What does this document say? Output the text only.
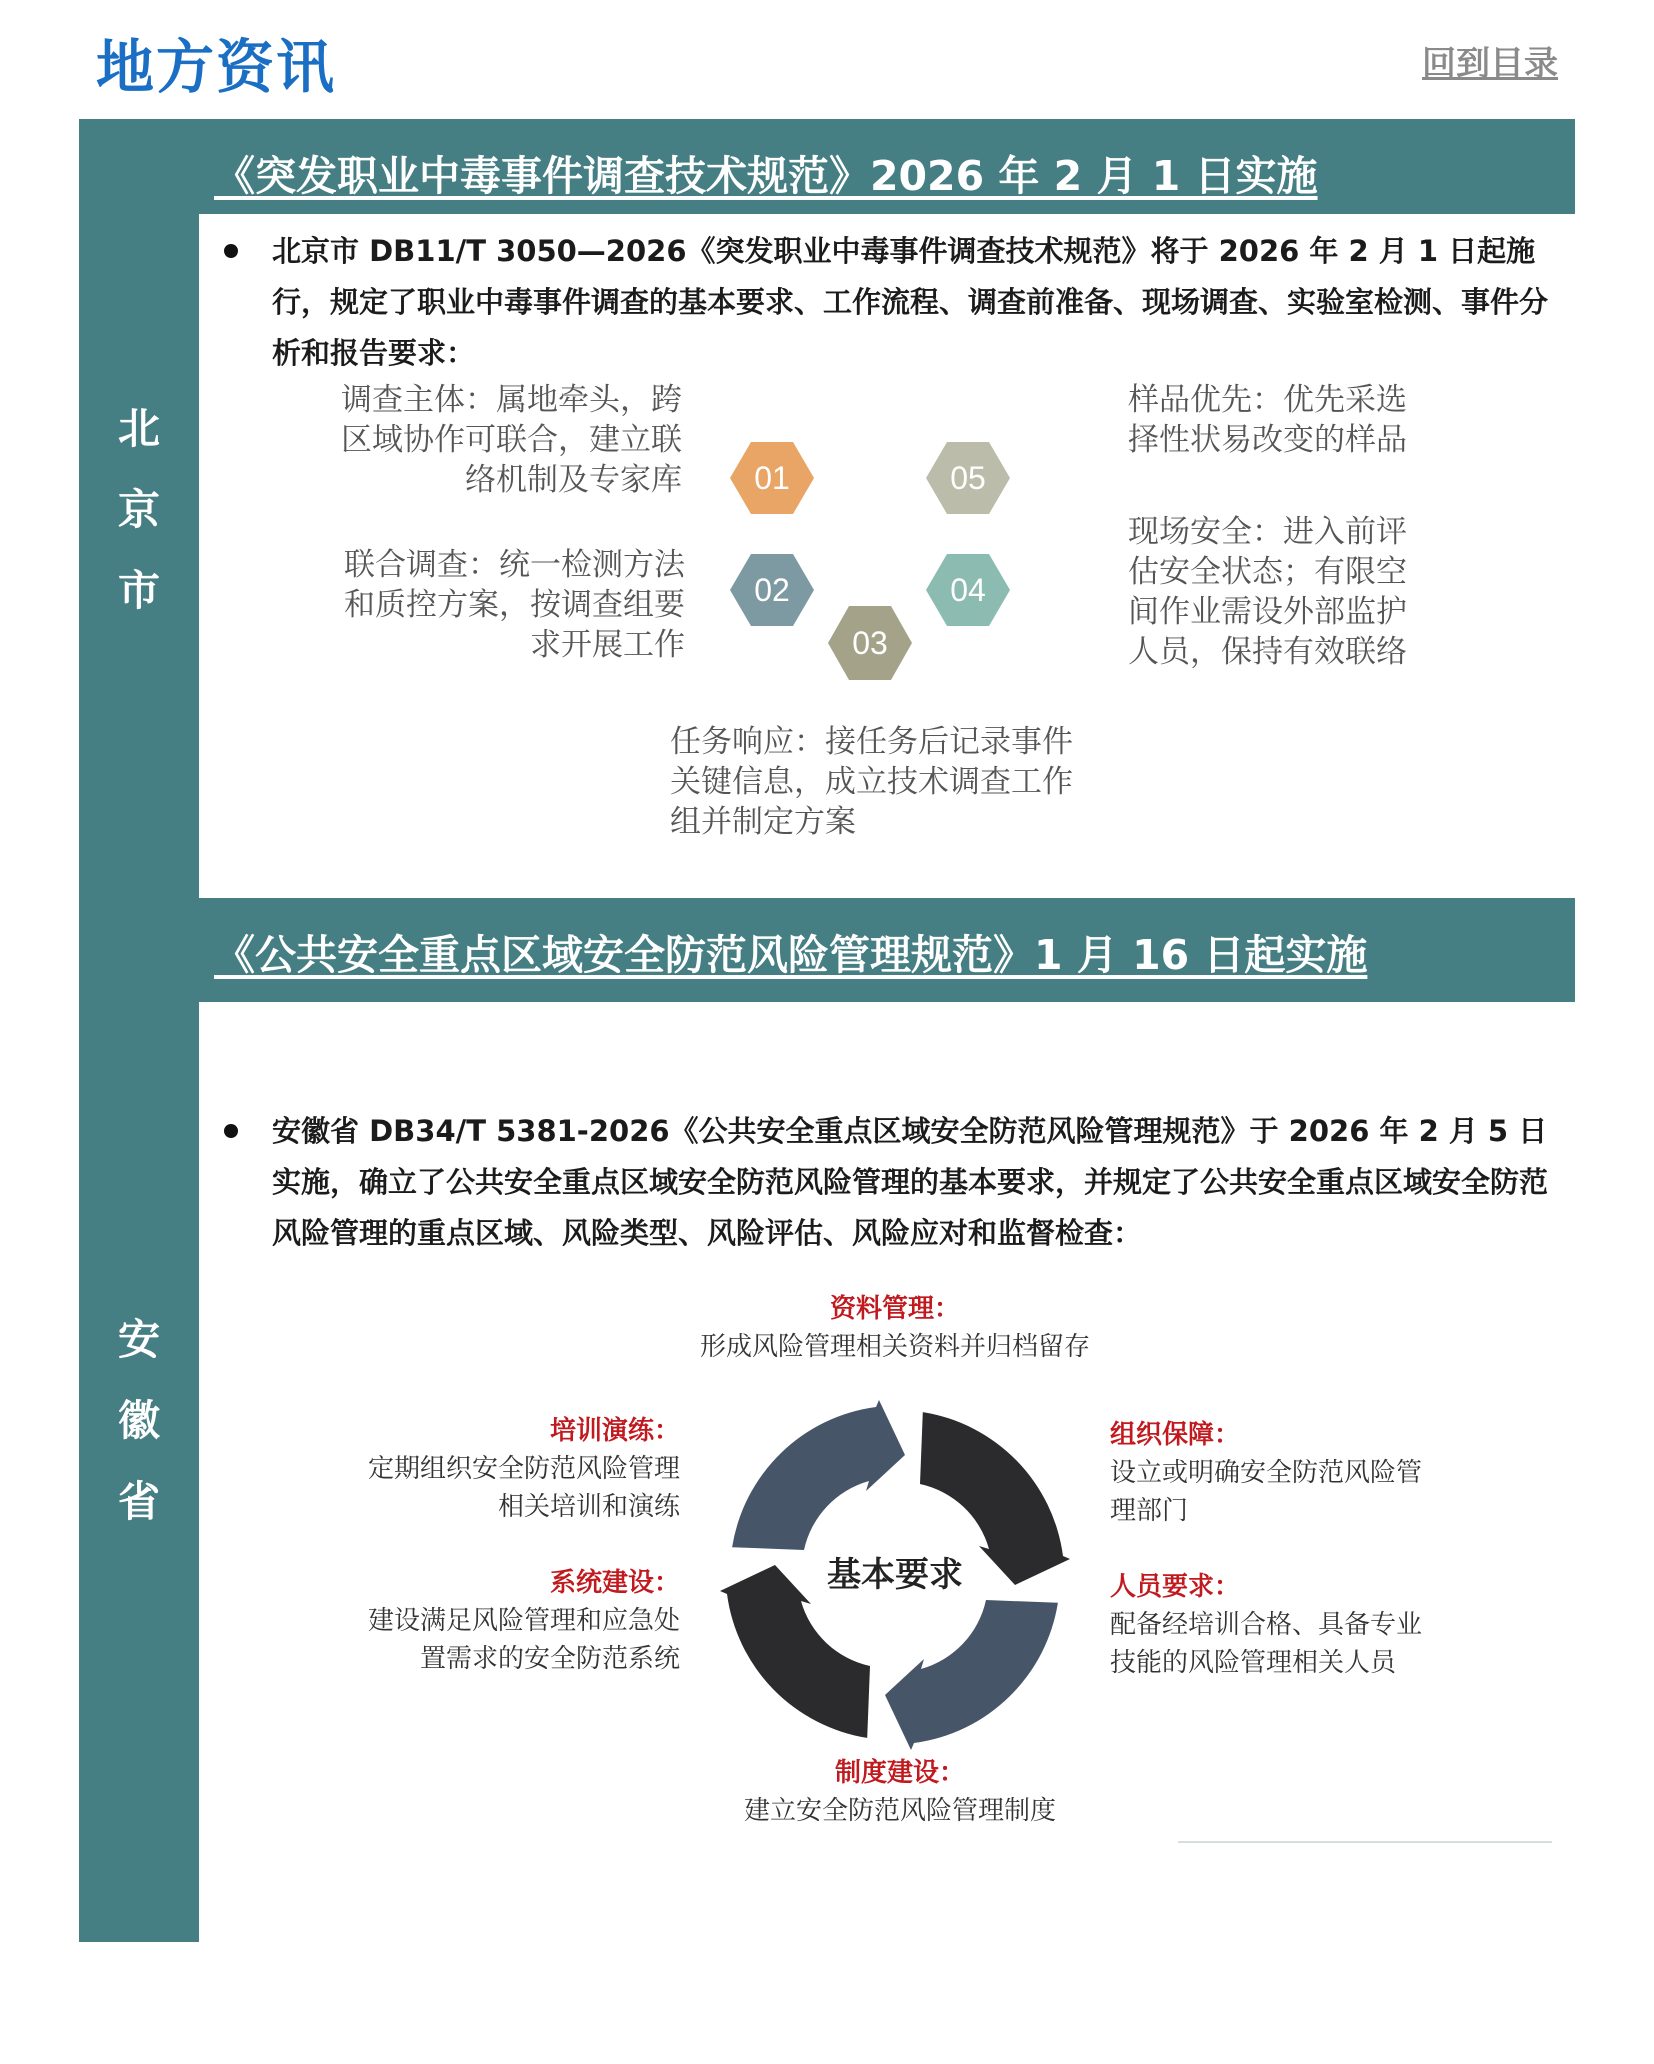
地方资讯	回到目录
北
京
市
安
徽
省
《突发职业中毒事件调查技术规范》2026 年 2 月 1 日实施
北京市 DB11/T 3050—2026《突发职业中毒事件调查技术规范》将于 2026 年 2 月 1 日起施行，规定了职业中毒事件调查的基本要求、工作流程、调查前准备、现场调查、实验室检测、事件分析和报告要求：
调查主体：属地牵头，跨
区域协作可联合，建立联
络机制及专家库
联合调查：统一检测方法
和质控方案，按调查组要
求开展工作
任务响应：接任务后记录事件
关键信息，成立技术调查工作
组并制定方案
现场安全：进入前评
估安全状态；有限空
间作业需设外部监护
人员，保持有效联络
样品优先：优先采选
择性状易改变的样品
01
02
03
04
05
《公共安全重点区域安全防范风险管理规范》1 月 16 日起实施
安徽省 DB34/T 5381-2026《公共安全重点区域安全防范风险管理规范》于 2026 年 2 月 5 日实施，确立了公共安全重点区域安全防范风险管理的基本要求，并规定了公共安全重点区域安全防范风险管理的重点区域、风险类型、风险评估、风险应对和监督检查：
资料管理：
形成风险管理相关资料并归档留存
培训演练：
定期组织安全防范风险管理
相关培训和演练
系统建设：
建设满足风险管理和应急处
置需求的安全防范系统
组织保障：
设立或明确安全防范风险管
理部门
人员要求：
配备经培训合格、具备专业
技能的风险管理相关人员
制度建设：
建立安全防范风险管理制度
基本要求
